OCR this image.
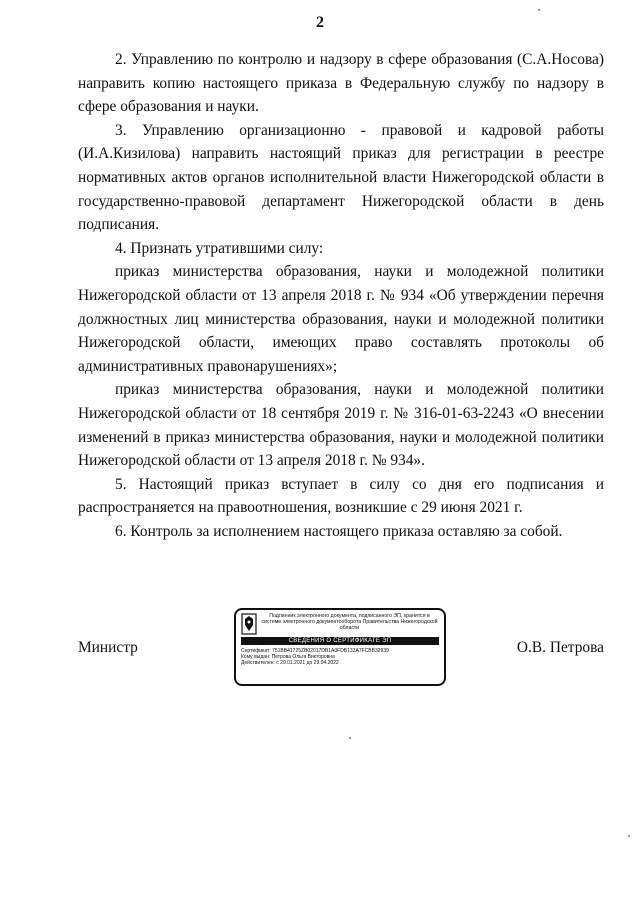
2

2. Управлению по контролю и надзору в сфере образования (С.А.Носова) направить копию настоящего приказа в Федеральную службу по надзору в сфере образования и науки.

3. Управлению организационно - правовой и кадровой работы (И.А.Кизилова) направить настоящий приказ для регистрации в реестре нормативных актов органов исполнительной власти Нижегородской области в государственно-правовой департамент Нижегородской области в день подписания.

4. Признать утратившими силу:

приказ министерства образования, науки и молодежной политики Нижегородской области от 13 апреля 2018 г. № 934 «Об утверждении перечня должностных лиц министерства образования, науки и молодежной политики Нижегородской области, имеющих право составлять протоколы об административных правонарушениях»;

приказ министерства образования, науки и молодежной политики Нижегородской области от 18 сентября 2019 г. № 316-01-63-2243 «О внесении изменений в приказ министерства образования, науки и молодежной политики Нижегородской области от 13 апреля 2018 г. № 934».

5. Настоящий приказ вступает в силу со дня его подписания и распространяется на правоотношения, возникшие с 29 июня 2021 г.

6. Контроль за исполнением настоящего приказа оставляю за собой.

Министр
Подлинник электронного документа, подписанного ЭП, хранится в системе электронного документооборота Правительства Нижегородской области
СВЕДЕНИЯ О СЕРТИФИКАТЕ ЭП
Сертификат: 751BB41725ZB02017DB1A0FDB133A7FCBB32939
Кому выдан: Петрова Ольга Викторовна
Действителен: с 29.01.2021 до 29.04.2022
О.В. Петрова
